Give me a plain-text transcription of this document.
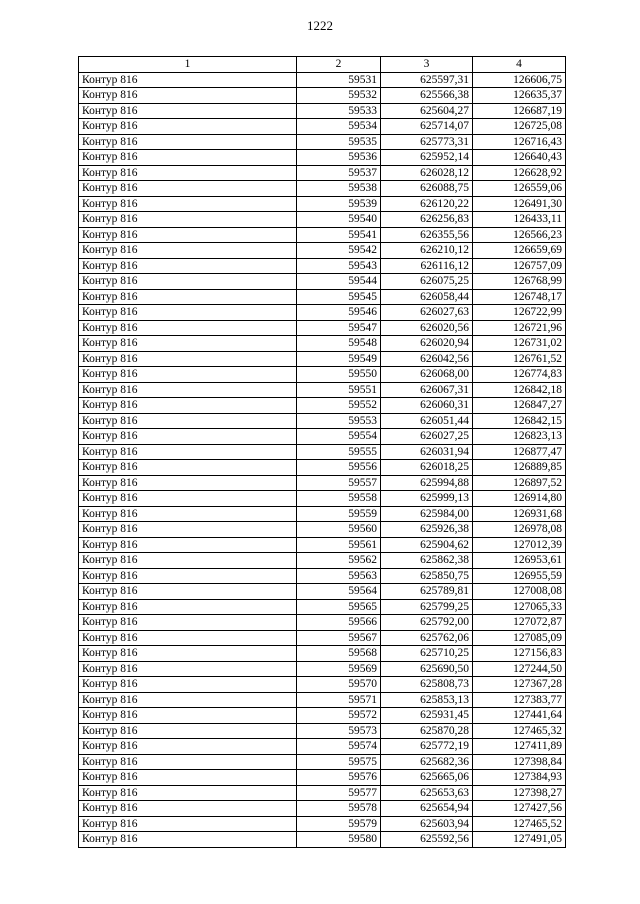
1222
1	2	3	4
Контур 816	59531	625597,31	126606,75
Контур 816	59532	625566,38	126635,37
Контур 816	59533	625604,27	126687,19
Контур 816	59534	625714,07	126725,08
Контур 816	59535	625773,31	126716,43
Контур 816	59536	625952,14	126640,43
Контур 816	59537	626028,12	126628,92
Контур 816	59538	626088,75	126559,06
Контур 816	59539	626120,22	126491,30
Контур 816	59540	626256,83	126433,11
Контур 816	59541	626355,56	126566,23
Контур 816	59542	626210,12	126659,69
Контур 816	59543	626116,12	126757,09
Контур 816	59544	626075,25	126768,99
Контур 816	59545	626058,44	126748,17
Контур 816	59546	626027,63	126722,99
Контур 816	59547	626020,56	126721,96
Контур 816	59548	626020,94	126731,02
Контур 816	59549	626042,56	126761,52
Контур 816	59550	626068,00	126774,83
Контур 816	59551	626067,31	126842,18
Контур 816	59552	626060,31	126847,27
Контур 816	59553	626051,44	126842,15
Контур 816	59554	626027,25	126823,13
Контур 816	59555	626031,94	126877,47
Контур 816	59556	626018,25	126889,85
Контур 816	59557	625994,88	126897,52
Контур 816	59558	625999,13	126914,80
Контур 816	59559	625984,00	126931,68
Контур 816	59560	625926,38	126978,08
Контур 816	59561	625904,62	127012,39
Контур 816	59562	625862,38	126953,61
Контур 816	59563	625850,75	126955,59
Контур 816	59564	625789,81	127008,08
Контур 816	59565	625799,25	127065,33
Контур 816	59566	625792,00	127072,87
Контур 816	59567	625762,06	127085,09
Контур 816	59568	625710,25	127156,83
Контур 816	59569	625690,50	127244,50
Контур 816	59570	625808,73	127367,28
Контур 816	59571	625853,13	127383,77
Контур 816	59572	625931,45	127441,64
Контур 816	59573	625870,28	127465,32
Контур 816	59574	625772,19	127411,89
Контур 816	59575	625682,36	127398,84
Контур 816	59576	625665,06	127384,93
Контур 816	59577	625653,63	127398,27
Контур 816	59578	625654,94	127427,56
Контур 816	59579	625603,94	127465,52
Контур 816	59580	625592,56	127491,05
